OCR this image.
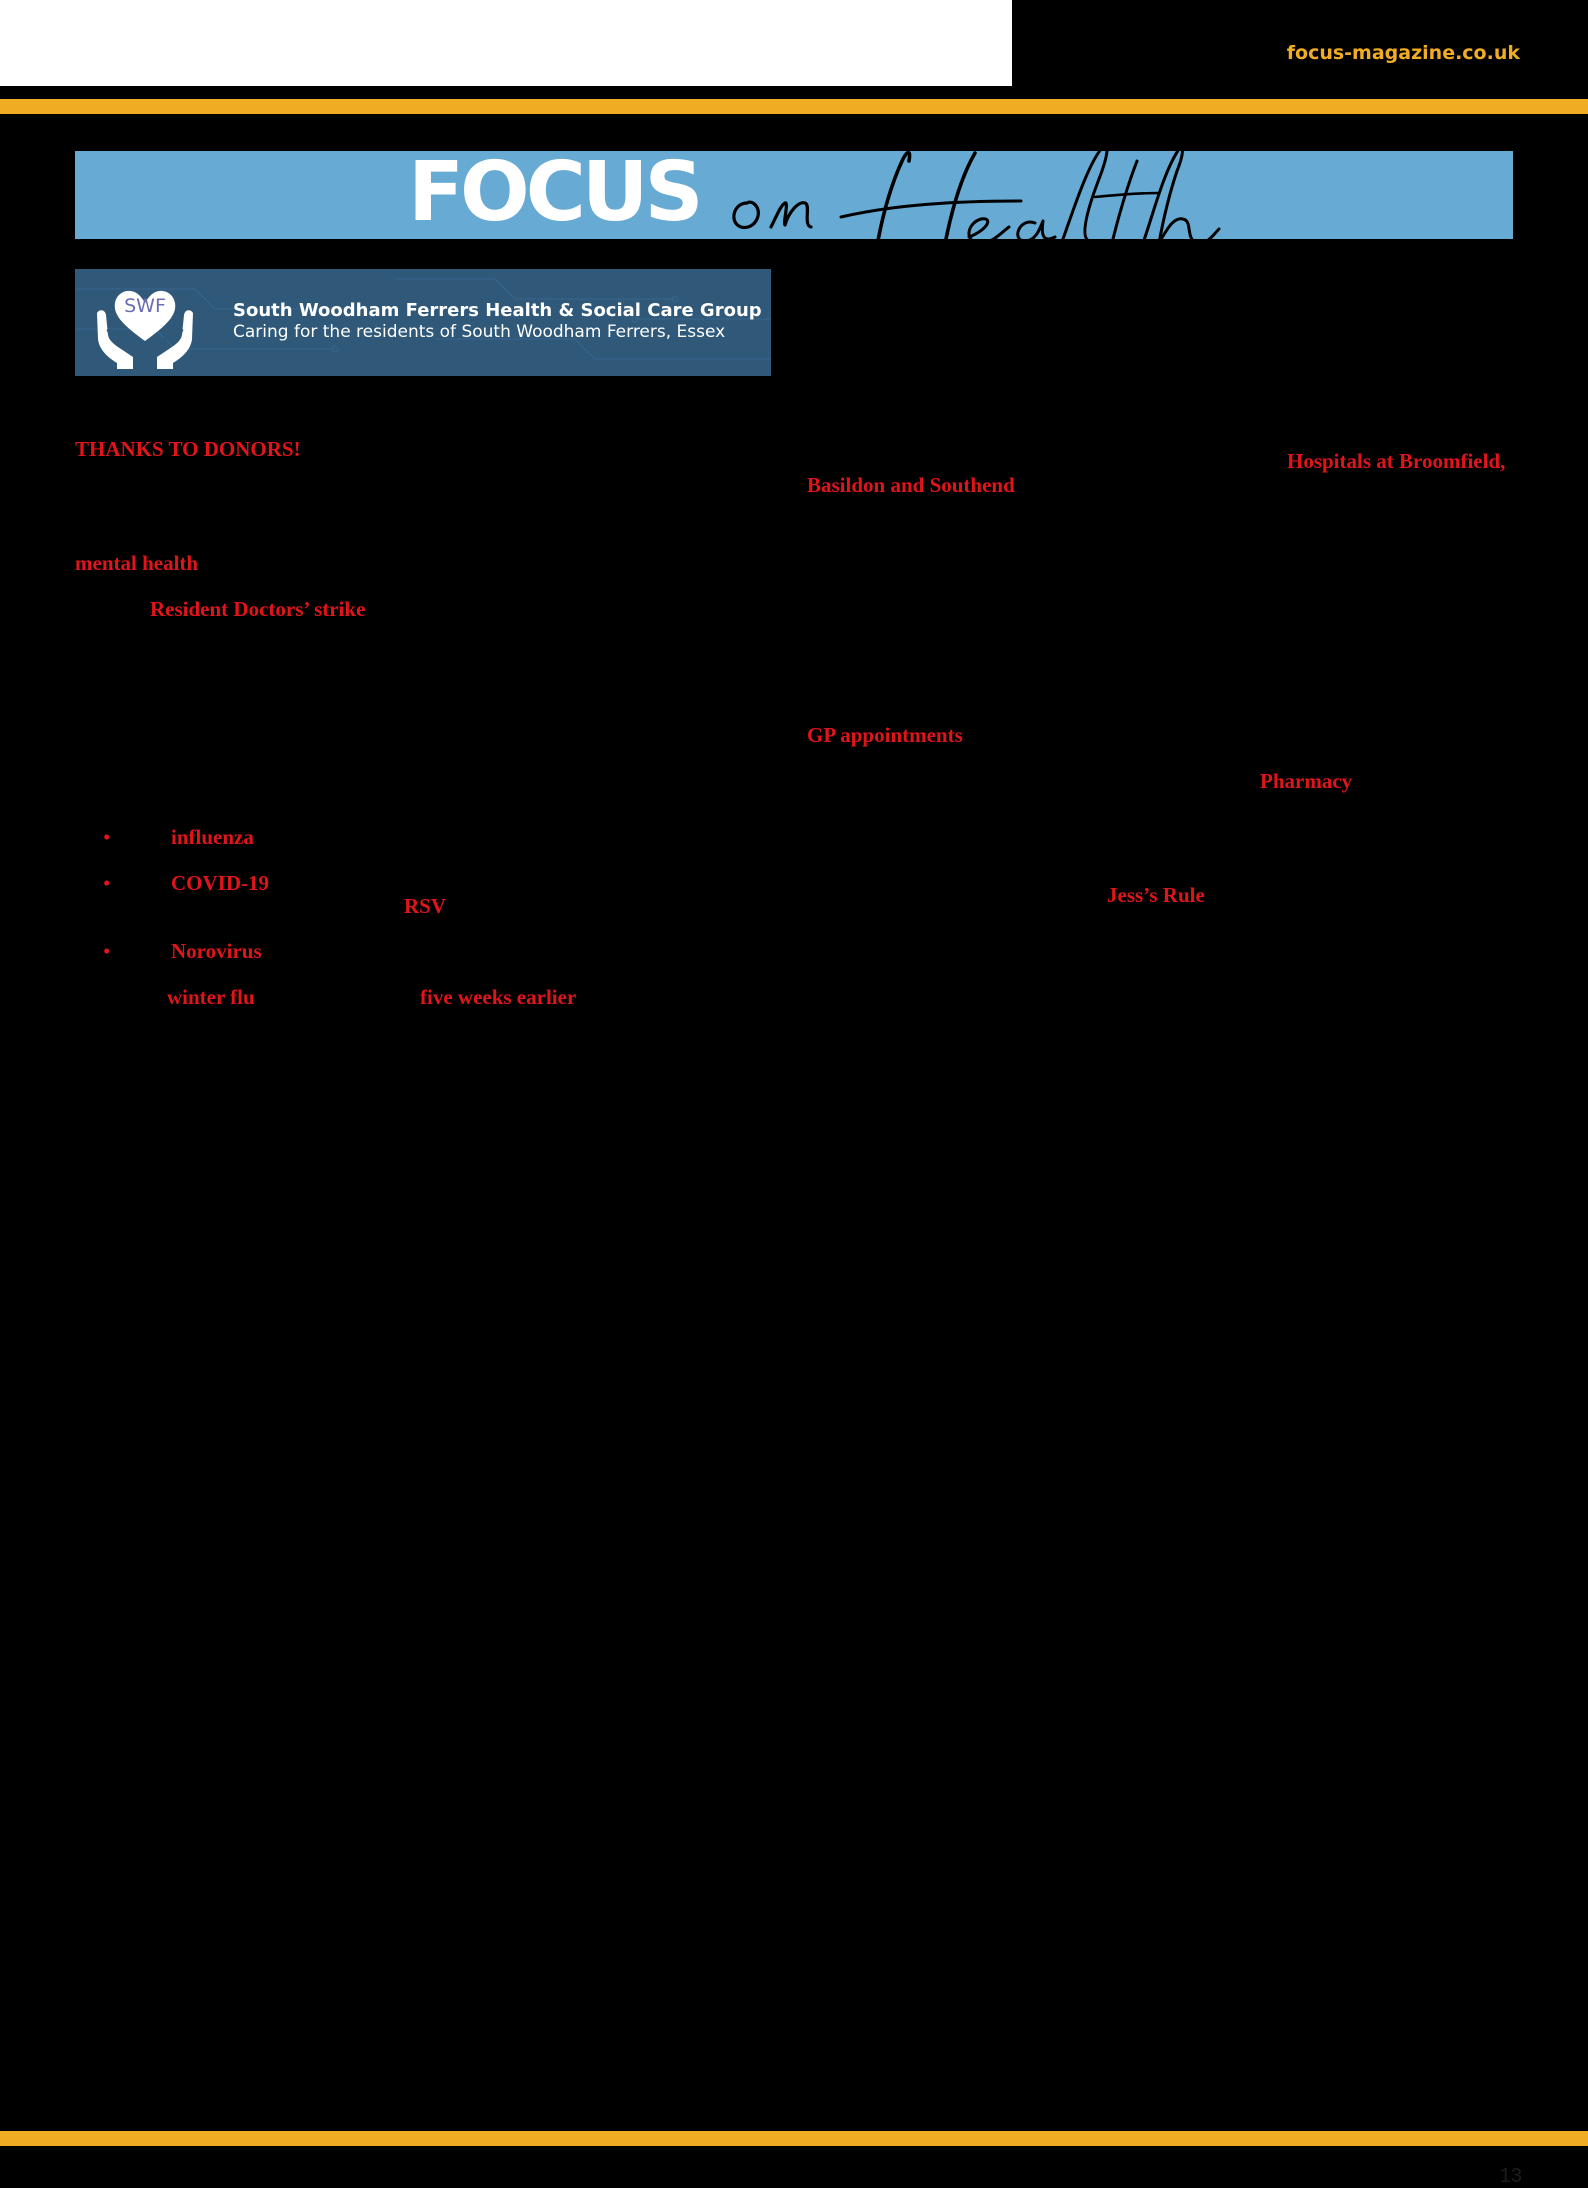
focus-magazine.co.uk
FOCUS
SWF	South Woodham Ferrers Health & Social Care Group
Caring for the residents of South Woodham Ferrers, Essex
THANKS TO DONORS!
mental health
Resident Doctors’ strike
•	influenza
•	COVID-19
RSV
•	Norovirus
winter flu	five weeks earlier
Hospitals at Broomfield,
Basildon and Southend
GP appointments
Pharmacy
Jess’s Rule
13
